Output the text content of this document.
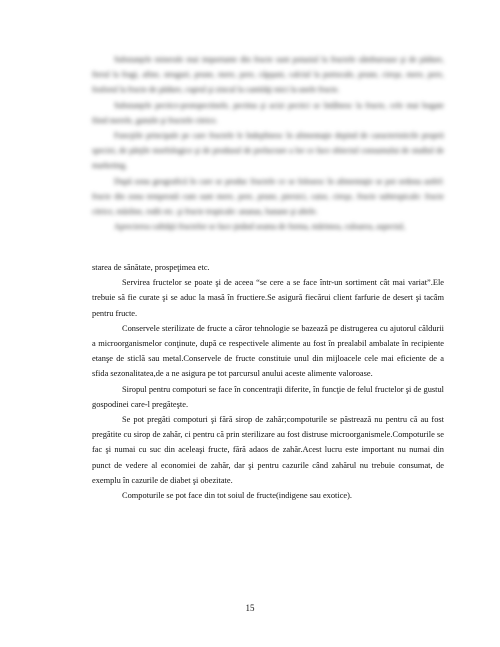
Substanţele minerale mai importante din fructe sunt potasiul la fructele sâmburoase şi de pădure, fierul la fragi, afine, struguri, prune, mere, pere, căpşuni, calciul la portocale, prune, cireşe, mere, pere, fosforul la fructe de pădure, cuprul şi zincul la cantităţi mici la unele fructe.

Substanţele pectice-protopectinele, pectina şi acizi pectici se întâlnesc la fructe, cele mai bogate fiind merele, gutuile şi fructele citrice.

Funcţiile principale pe care fructele le îndeplinesc în alimentaţie depind de caracteristicile proprii speciei, de părţile morfologice şi de produsul de prelucrare a lor ce face obiectul consumului de studiul de marketing.

După zona geografică în care se produc fructele ce se folosesc în alimentaţie se pot ordona astfel: fructe din zona temperată cum sunt mere, pere, prune, piersici, caise, cireşe, fructe subtropicale: fructe citrice, măsline, rodii etc. şi fructe tropicale: ananas, banane şi altele.

Aprecierea calităţii fructelor se face ţinând seama de forma, mărimea, culoarea, aspectul,

starea de sănătate, prospeţimea etc.

Servirea fructelor se poate şi de aceea “se cere a se face într-un sortiment cât mai variat”.Ele trebuie să fie curate şi se aduc la masă în fructiere.Se asigură fiecărui client farfurie de desert şi tacâm pentru fructe.

Conservele sterilizate de fructe a căror tehnologie se bazează pe distrugerea cu ajutorul căldurii a microorganismelor conţinute, după ce respectivele alimente au fost în prealabil ambalate în recipiente etanşe de sticlă sau metal.Conservele de fructe constituie unul din mijloacele cele mai eficiente de a sfida sezonalitatea,de a ne asigura pe tot parcursul anului aceste alimente valoroase.

Siropul pentru compoturi se face în concentraţii diferite, în funcţie de felul fructelor şi de gustul gospodinei care-l pregăteşte.

Se pot pregăti compoturi şi fără sirop de zahăr;compoturile se păstrează nu pentru că au fost pregătite cu sirop de zahăr, ci pentru că prin sterilizare au fost distruse microorganismele.Compoturile se fac şi numai cu suc din aceleaşi fructe, fără adaos de zahăr.Acest lucru este important nu numai din punct de vedere al economiei de zahăr, dar şi pentru cazurile când zahărul nu trebuie consumat, de exemplu în cazurile de diabet şi obezitate.

Compoturile se pot face din tot soiul de fructe(indigene sau exotice).

15
